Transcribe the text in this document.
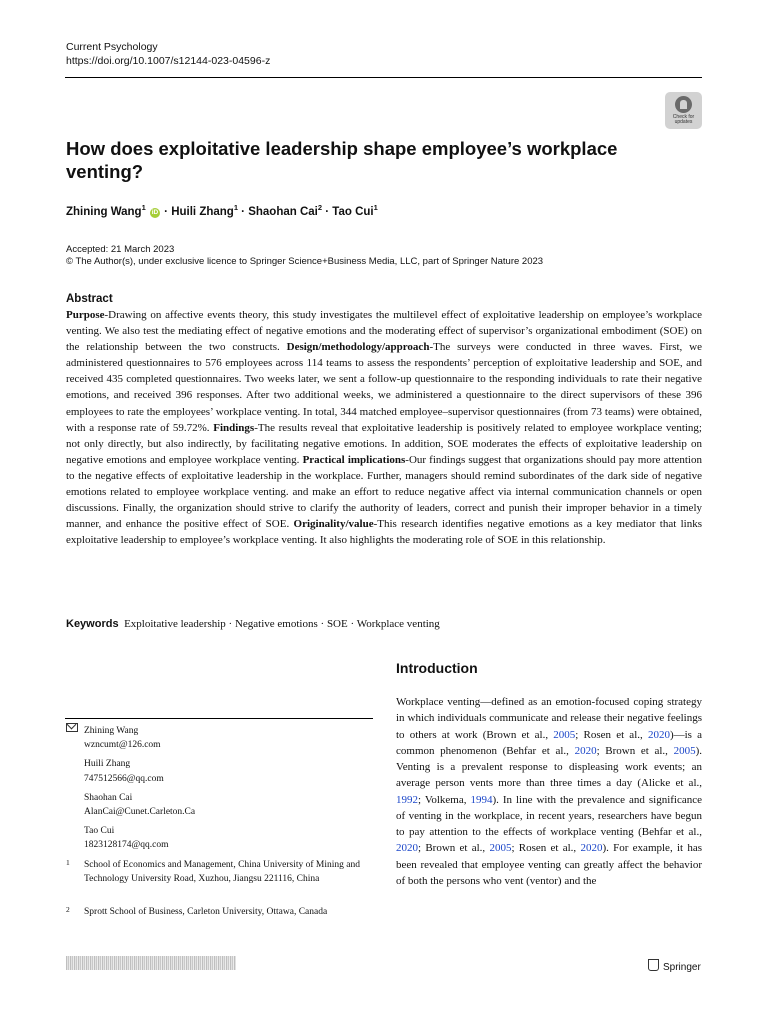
Current Psychology
https://doi.org/10.1007/s12144-023-04596-z
Check for updates
How does exploitative leadership shape employee’s workplace venting?
Zhining Wang$^1$ iD · Huili Zhang$^1$ · Shaohan Cai$^2$ · Tao Cui$^1$
Accepted: 21 March 2023
© The Author(s), under exclusive licence to Springer Science+Business Media, LLC, part of Springer Nature 2023
Abstract

Purpose-Drawing on affective events theory, this study investigates the multilevel effect of exploitative leadership on employee’s workplace venting. We also test the mediating effect of negative emotions and the moderating effect of supervisor’s organizational embodiment (SOE) on the relationship between the two constructs. Design/methodology/approach-The surveys were conducted in three waves. First, we administered questionnaires to 576 employees across 114 teams to assess the respondents’ perception of exploitative leadership and SOE, and received 435 completed questionnaires. Two weeks later, we sent a follow-up questionnaire to the responding individuals to rate their negative emotions, and received 396 responses. After two additional weeks, we administered a questionnaire to the direct supervisors of these 396 employees to rate the employees’ workplace venting. In total, 344 matched employee–supervisor questionnaires (from 73 teams) were obtained, with a response rate of 59.72%. Findings-The results reveal that exploitative leadership is positively related to employee workplace venting; not only directly, but also indirectly, by facilitating negative emotions. In addition, SOE moderates the effects of exploitative leadership on negative emotions and employee workplace venting. Practical implications-Our findings suggest that organizations should pay more attention to the negative effects of exploitative leadership in the workplace. Further, managers should remind subordinates of the dark side of negative emotions related to employee workplace venting. and make an effort to reduce negative affect via internal communication channels or open discussions. Finally, the organization should strive to clarify the authority of leaders, correct and punish their improper behavior in a timely manner, and enhance the positive effect of SOE. Originality/value-This research identifies negative emotions as a key mediator that links exploitative leadership to employee’s workplace venting. It also highlights the moderating role of SOE in this relationship.

Keywords Exploitative leadership · Negative emotions · SOE · Workplace venting
Introduction

Workplace venting—defined as an emotion-focused coping strategy in which individuals communicate and release their negative feelings to others at work (Brown et al., 2005; Rosen et al., 2020)—is a common phenomenon (Behfar et al., 2020; Brown et al., 2005). Venting is a prevalent response to displeasing work events; an average person vents more than three times a day (Alicke et al., 1992; Volkema, 1994). In line with the prevalence and significance of venting in the workplace, in recent years, researchers have begun to pay attention to the effects of workplace venting (Behfar et al., 2020; Brown et al., 2005; Rosen et al., 2020). For example, it has been revealed that employee venting can greatly affect the behavior of both the persons who vent (ventor) and the

Zhining Wang
wzncumt@126.com
Huili Zhang
747512566@qq.com
Shaohan Cai
AlanCai@Cunet.Carleton.Ca
Tao Cui
1823128174@qq.com
1	School of Economics and Management, China University of Mining and Technology University Road, Xuzhou, Jiangsu 221116, China
2	Sprott School of Business, Carleton University, Ottawa, Canada
Springer
